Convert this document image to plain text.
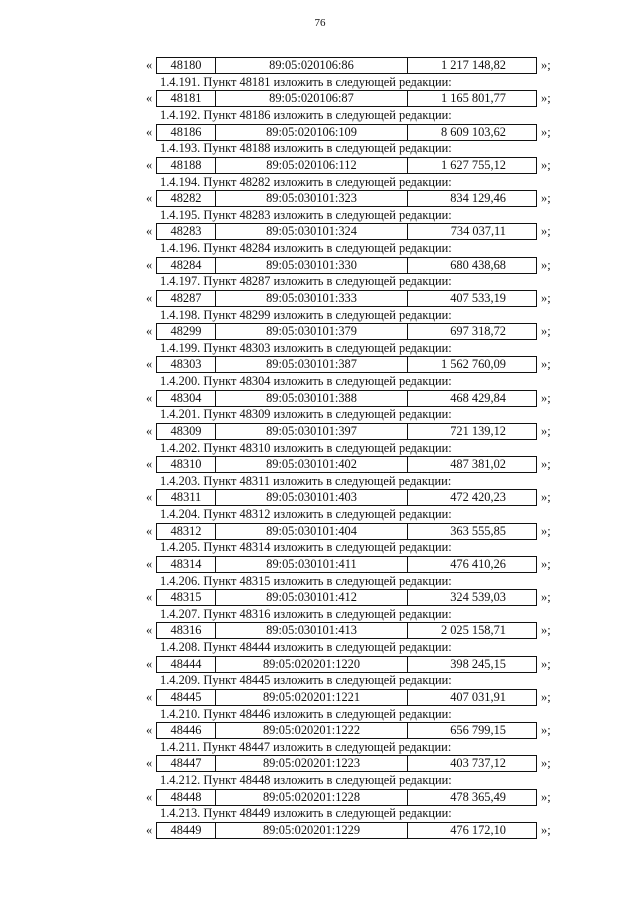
76
«	48180	89:05:020106:86	1 217 148,82	»;
1.4.191. Пункт 48181 изложить в следующей редакции:
«	48181	89:05:020106:87	1 165 801,77	»;
1.4.192. Пункт 48186 изложить в следующей редакции:
«	48186	89:05:020106:109	8 609 103,62	»;
1.4.193. Пункт 48188 изложить в следующей редакции:
«	48188	89:05:020106:112	1 627 755,12	»;
1.4.194. Пункт 48282 изложить в следующей редакции:
«	48282	89:05:030101:323	834 129,46	»;
1.4.195. Пункт 48283 изложить в следующей редакции:
«	48283	89:05:030101:324	734 037,11	»;
1.4.196. Пункт 48284 изложить в следующей редакции:
«	48284	89:05:030101:330	680 438,68	»;
1.4.197. Пункт 48287 изложить в следующей редакции:
«	48287	89:05:030101:333	407 533,19	»;
1.4.198. Пункт 48299 изложить в следующей редакции:
«	48299	89:05:030101:379	697 318,72	»;
1.4.199. Пункт 48303 изложить в следующей редакции:
«	48303	89:05:030101:387	1 562 760,09	»;
1.4.200. Пункт 48304 изложить в следующей редакции:
«	48304	89:05:030101:388	468 429,84	»;
1.4.201. Пункт 48309 изложить в следующей редакции:
«	48309	89:05:030101:397	721 139,12	»;
1.4.202. Пункт 48310 изложить в следующей редакции:
«	48310	89:05:030101:402	487 381,02	»;
1.4.203. Пункт 48311 изложить в следующей редакции:
«	48311	89:05:030101:403	472 420,23	»;
1.4.204. Пункт 48312 изложить в следующей редакции:
«	48312	89:05:030101:404	363 555,85	»;
1.4.205. Пункт 48314 изложить в следующей редакции:
«	48314	89:05:030101:411	476 410,26	»;
1.4.206. Пункт 48315 изложить в следующей редакции:
«	48315	89:05:030101:412	324 539,03	»;
1.4.207. Пункт 48316 изложить в следующей редакции:
«	48316	89:05:030101:413	2 025 158,71	»;
1.4.208. Пункт 48444 изложить в следующей редакции:
«	48444	89:05:020201:1220	398 245,15	»;
1.4.209. Пункт 48445 изложить в следующей редакции:
«	48445	89:05:020201:1221	407 031,91	»;
1.4.210. Пункт 48446 изложить в следующей редакции:
«	48446	89:05:020201:1222	656 799,15	»;
1.4.211. Пункт 48447 изложить в следующей редакции:
«	48447	89:05:020201:1223	403 737,12	»;
1.4.212. Пункт 48448 изложить в следующей редакции:
«	48448	89:05:020201:1228	478 365,49	»;
1.4.213. Пункт 48449 изложить в следующей редакции:
«	48449	89:05:020201:1229	476 172,10	»;
